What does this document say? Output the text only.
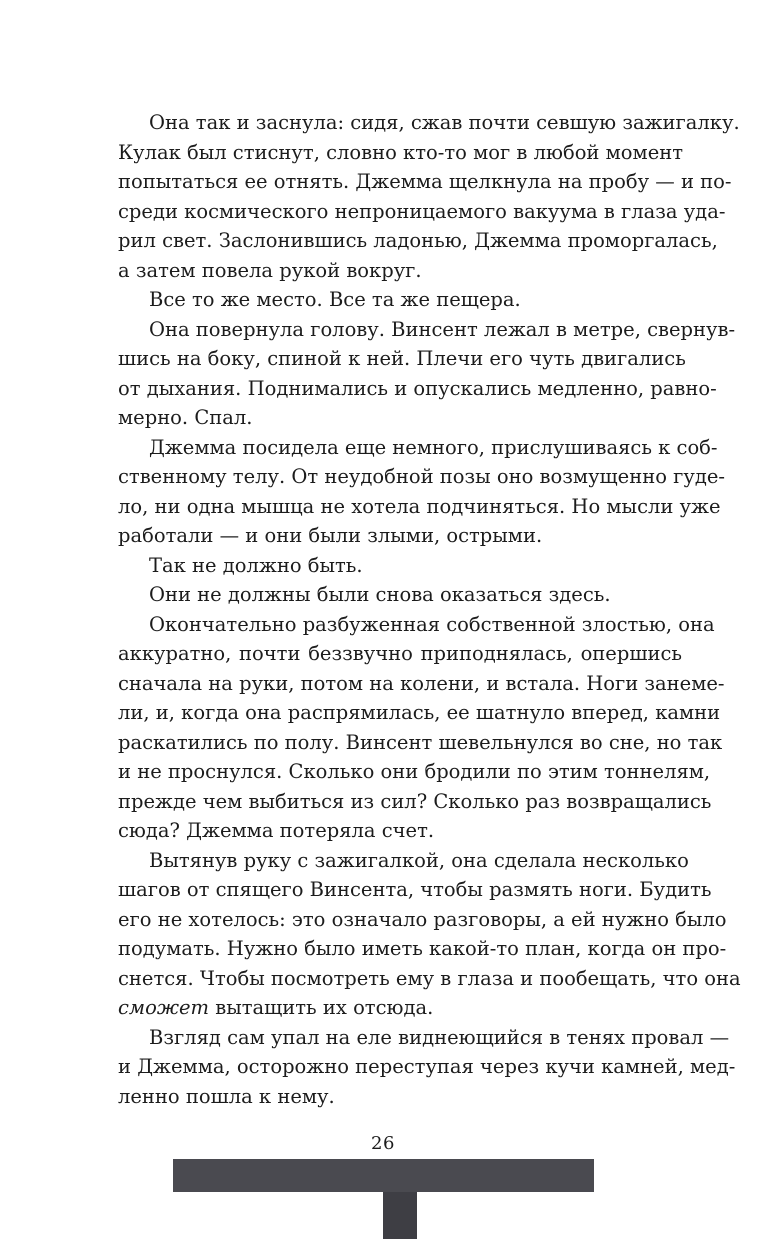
Она так и заснула: сидя, сжав почти севшую зажигалку.
Кулак был стиснут, словно кто-то мог в любой момент
попытаться ее отнять. Джемма щелкнула на пробу — и по-
среди космического непроницаемого вакуума в глаза уда-
рил свет. Заслонившись ладонью, Джемма проморгалась,
а затем повела рукой вокруг.
Все то же место. Все та же пещера.
Она повернула голову. Винсент лежал в метре, свернув-
шись на боку, спиной к ней. Плечи его чуть двигались
от дыхания. Поднимались и опускались медленно, равно-
мерно. Спал.
Джемма посидела еще немного, прислушиваясь к соб-
ственному телу. От неудобной позы оно возмущенно гуде-
ло, ни одна мышца не хотела подчиняться. Но мысли уже
работали — и они были злыми, острыми.
Так не должно быть.
Они не должны были снова оказаться здесь.
Окончательно разбуженная собственной злостью, она
аккуратно, почти беззвучно приподнялась, опершись
сначала на руки, потом на колени, и встала. Ноги занеме-
ли, и, когда она распрямилась, ее шатнуло вперед, камни
раскатились по полу. Винсент шевельнулся во сне, но так
и не проснулся. Сколько они бродили по этим тоннелям,
прежде чем выбиться из сил? Сколько раз возвращались
сюда? Джемма потеряла счет.
Вытянув руку с зажигалкой, она сделала несколько
шагов от спящего Винсента, чтобы размять ноги. Будить
его не хотелось: это означало разговоры, а ей нужно было
подумать. Нужно было иметь какой-то план, когда он про-
снется. Чтобы посмотреть ему в глаза и пообещать, что она
сможет вытащить их отсюда.
Взгляд сам упал на еле виднеющийся в тенях провал —
и Джемма, осторожно переступая через кучи камней, мед-
ленно пошла к нему.
26
